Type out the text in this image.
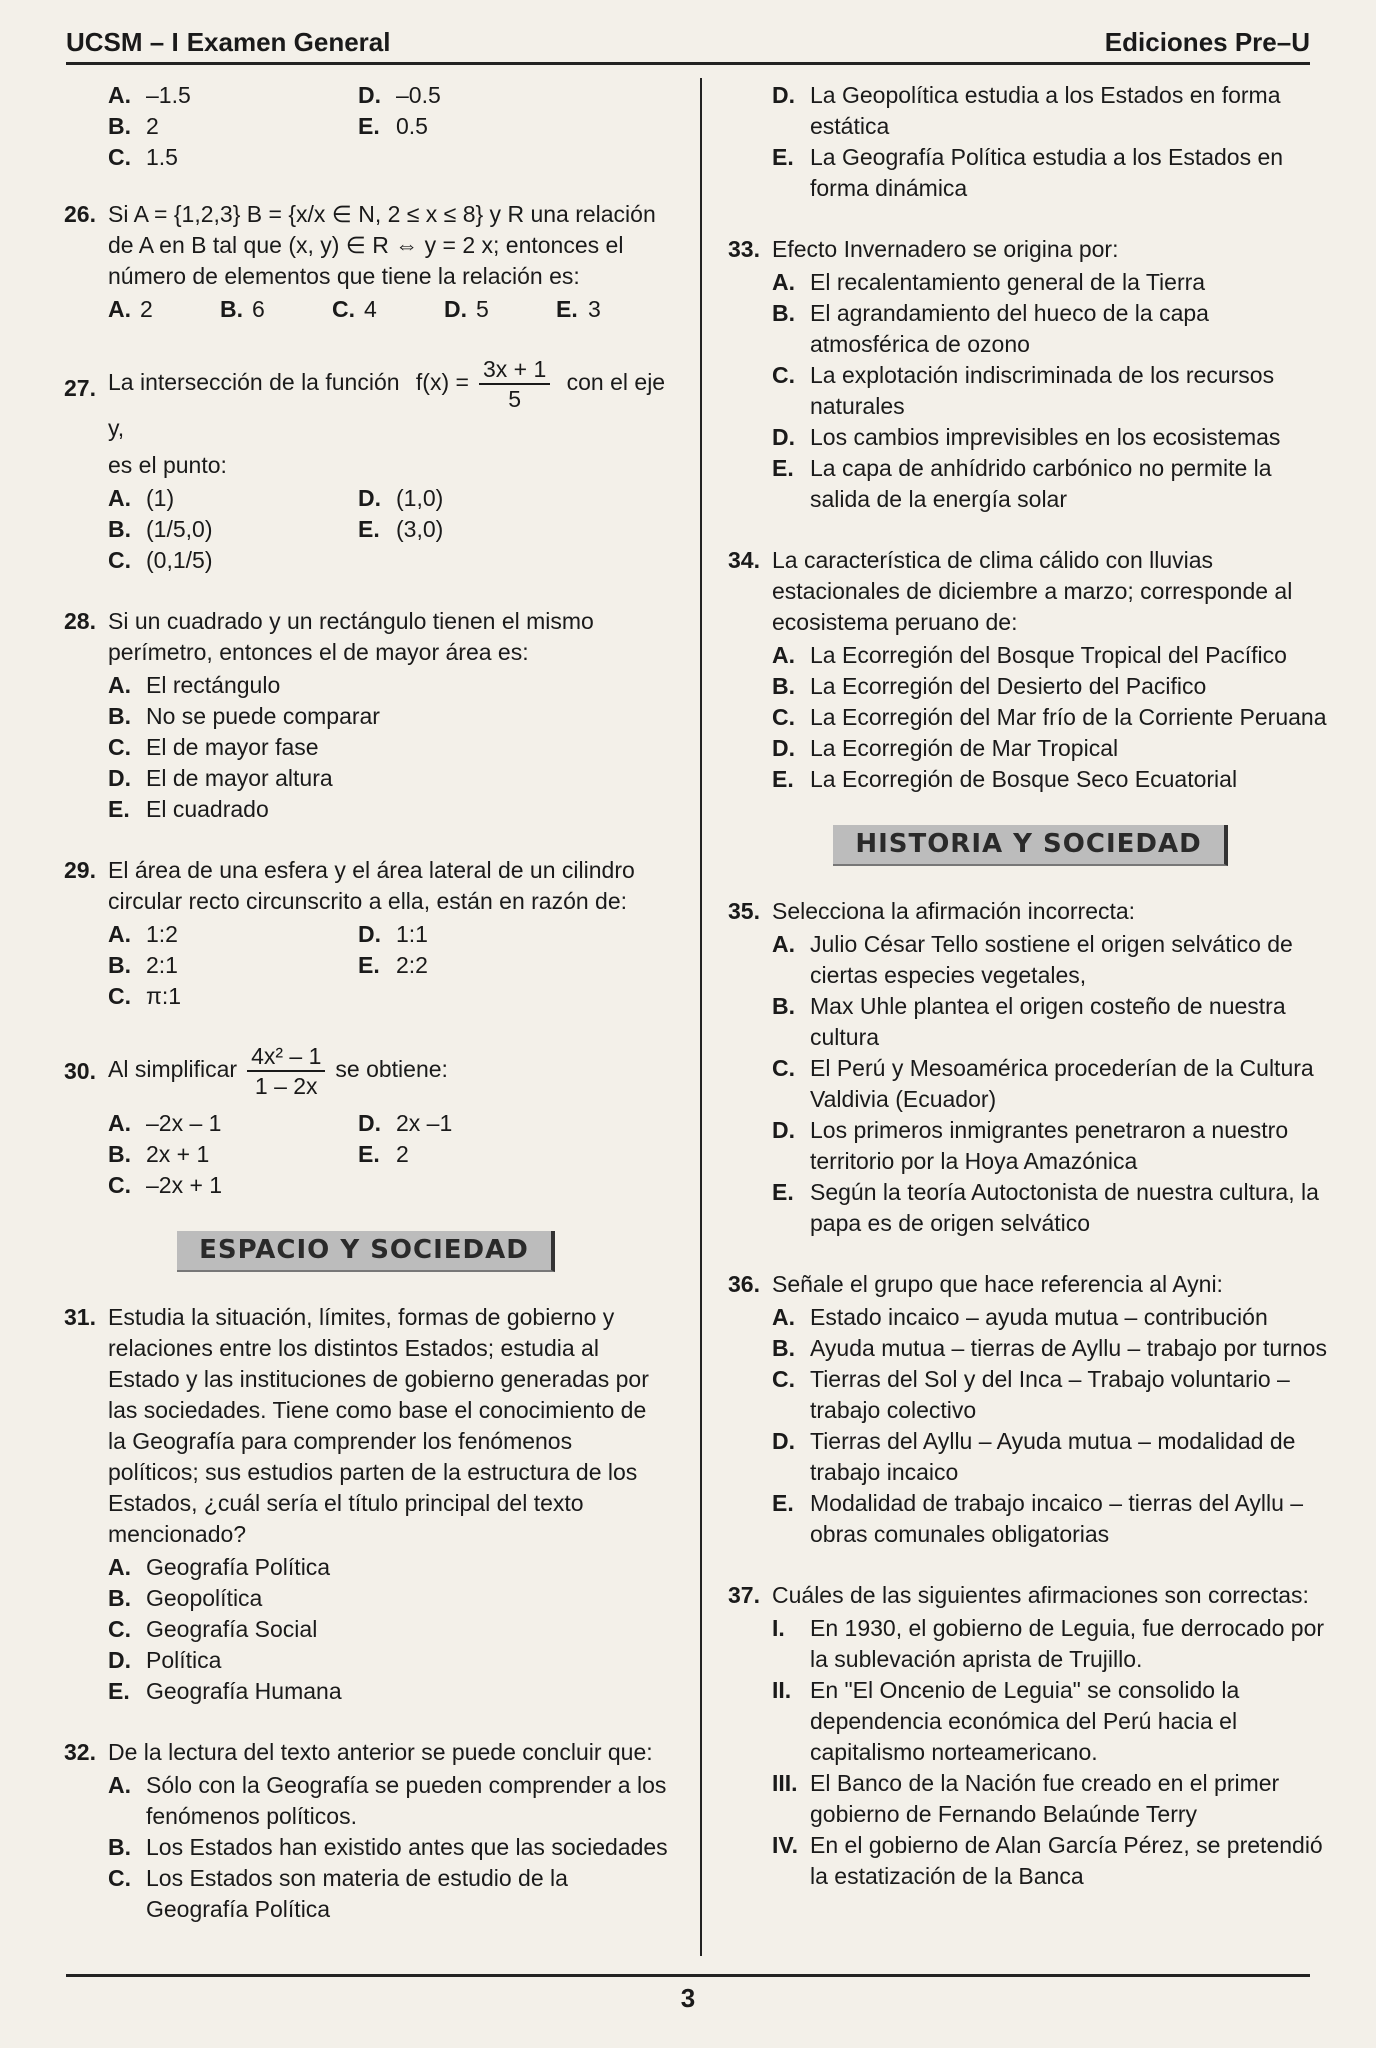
UCSM – I Examen General	Ediciones Pre–U
A. –1.5	D. –0.5
B. 2	E. 0.5
C. 1.5
26. Si A = {1,2,3} B = {x/x ∈ N, 2 ≤ x ≤ 8} y R una relación de A en B tal que (x, y) ∈ R ⇔ y = 2 x; entonces el número de elementos que tiene la relación es:

A. 2	B. 6	C. 4	D. 5	E. 3
27. La intersección de la función $f(x) = \frac{3x + 1}{5}$ con el eje y,
es el punto:
A. (1)	D. (1,0)
B. (1/5,0)	E. (3,0)
C. (0,1/5)
28. Si un cuadrado y un rectángulo tienen el mismo perímetro, entonces el de mayor área es:

A. El rectángulo
B. No se puede comparar
C. El de mayor fase
D. El de mayor altura
E. El cuadrado
29. El área de una esfera y el área lateral de un cilindro circular recto circunscrito a ella, están en razón de:

A. 1:2	D. 1:1
B. 2:1	E. 2:2
C. π:1
30. Al simplificar $\frac{\text{4x² – 1}}{1 - 2x}$ se obtiene:
A. –2x – 1	D. 2x –1
B. 2x + 1	E. 2
C. –2x + 1
ESPACIO Y SOCIEDAD
31. Estudia la situación, límites, formas de gobierno y relaciones entre los distintos Estados; estudia al Estado y las instituciones de gobierno generadas por las sociedades. Tiene como base el conocimiento de la Geografía para comprender los fenómenos políticos; sus estudios parten de la estructura de los Estados, ¿cuál sería el título principal del texto mencionado?

A. Geografía Política
B. Geopolítica
C. Geografía Social
D. Política
E. Geografía Humana
32. De la lectura del texto anterior se puede concluir que:

A. Sólo con la Geografía se pueden comprender a los fenómenos políticos.
B. Los Estados han existido antes que las sociedades
C. Los Estados son materia de estudio de la Geografía Política
D. La Geopolítica estudia a los Estados en forma estática
E. La Geografía Política estudia a los Estados en forma dinámica
33. Efecto Invernadero se origina por:

A. El recalentamiento general de la Tierra
B. El agrandamiento del hueco de la capa atmosférica de ozono
C. La explotación indiscriminada de los recursos naturales
D. Los cambios imprevisibles en los ecosistemas
E. La capa de anhídrido carbónico no permite la salida de la energía solar
34. La característica de clima cálido con lluvias estacionales de diciembre a marzo; corresponde al ecosistema peruano de:

A. La Ecorregión del Bosque Tropical del Pacífico
B. La Ecorregión del Desierto del Pacifico
C. La Ecorregión del Mar frío de la Corriente Peruana
D. La Ecorregión de Mar Tropical
E. La Ecorregión de Bosque Seco Ecuatorial
HISTORIA Y SOCIEDAD
35. Selecciona la afirmación incorrecta:

A. Julio César Tello sostiene el origen selvático de ciertas especies vegetales,
B. Max Uhle plantea el origen costeño de nuestra cultura
C. El Perú y Mesoamérica procederían de la Cultura Valdivia (Ecuador)
D. Los primeros inmigrantes penetraron a nuestro territorio por la Hoya Amazónica
E. Según la teoría Autoctonista de nuestra cultura, la papa es de origen selvático
36. Señale el grupo que hace referencia al Ayni:

A. Estado incaico – ayuda mutua – contribución
B. Ayuda mutua – tierras de Ayllu – trabajo por turnos
C. Tierras del Sol y del Inca – Trabajo voluntario – trabajo colectivo
D. Tierras del Ayllu – Ayuda mutua – modalidad de trabajo incaico
E. Modalidad de trabajo incaico – tierras del Ayllu – obras comunales obligatorias
37. Cuáles de las siguientes afirmaciones son correctas:

I. En 1930, el gobierno de Leguia, fue derrocado por la sublevación aprista de Trujillo.
II. En "El Oncenio de Leguia" se consolido la dependencia económica del Perú hacia el capitalismo norteamericano.
III. El Banco de la Nación fue creado en el primer gobierno de Fernando Belaúnde Terry
IV. En el gobierno de Alan García Pérez, se pretendió la estatización de la Banca
3
